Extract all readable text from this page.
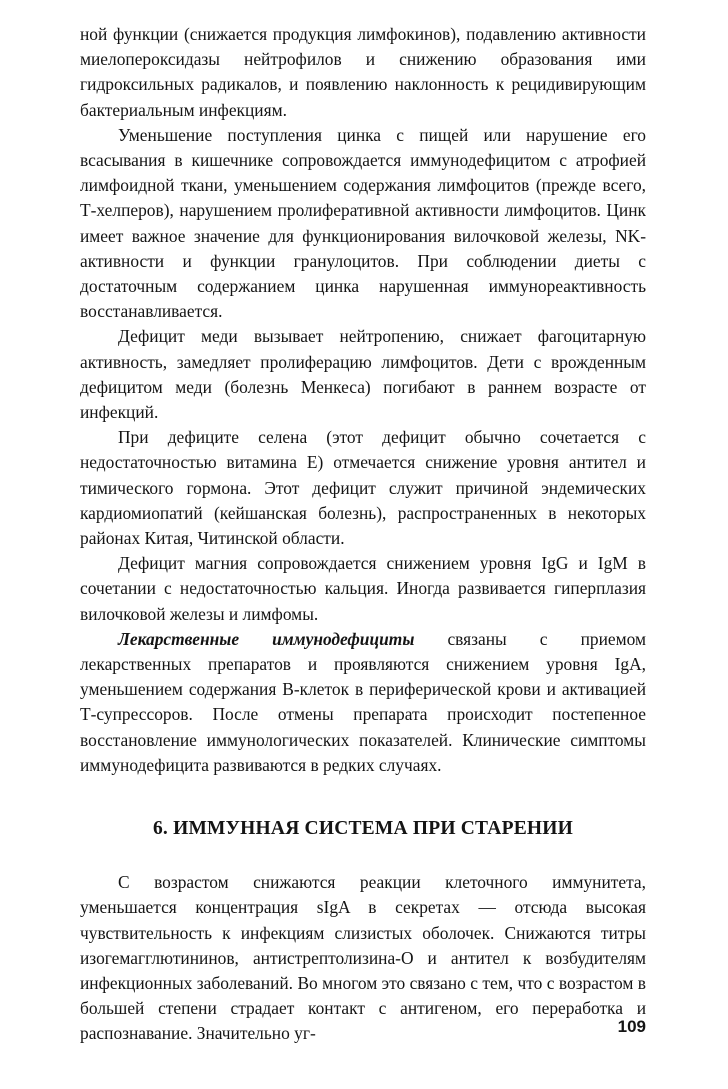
ной функции (снижается продукция лимфокинов), подавлению активности миелопероксидазы нейтрофилов и снижению образования ими гидроксильных радикалов, и появлению наклонность к рецидивирующим бактериальным инфекциям.

Уменьшение поступления цинка с пищей или нарушение его всасывания в кишечнике сопровождается иммунодефицитом с атрофией лимфоидной ткани, уменьшением содержания лимфоцитов (прежде всего, Т-хелперов), нарушением пролиферативной активности лимфоцитов. Цинк имеет важное значение для функционирования вилочковой железы, NK-активности и функции гранулоцитов. При соблюдении диеты с достаточным содержанием цинка нарушенная иммунореактивность восстанавливается.

Дефицит меди вызывает нейтропению, снижает фагоцитарную активность, замедляет пролиферацию лимфоцитов. Дети с врожденным дефицитом меди (болезнь Менкеса) погибают в раннем возрасте от инфекций.

При дефиците селена (этот дефицит обычно сочетается с недостаточностью витамина Е) отмечается снижение уровня антител и тимического гормона. Этот дефицит служит причиной эндемических кардиомиопатий (кейшанская болезнь), распространенных в некоторых районах Китая, Читинской области.

Дефицит магния сопровождается снижением уровня IgG и IgM в сочетании с недостаточностью кальция. Иногда развивается гиперплазия вилочковой железы и лимфомы.

Лекарственные иммунодефициты связаны с приемом лекарственных препаратов и проявляются снижением уровня IgA, уменьшением содержания В-клеток в периферической крови и активацией Т-супрессоров. После отмены препарата происходит постепенное восстановление иммунологических показателей. Клинические симптомы иммунодефицита развиваются в редких случаях.

6. ИММУННАЯ СИСТЕМА ПРИ СТАРЕНИИ

С возрастом снижаются реакции клеточного иммунитета, уменьшается концентрация sIgA в секретах — отсюда высокая чувствительность к инфекциям слизистых оболочек. Снижаются титры изогемагглютининов, антистрептолизина-О и антител к возбудителям инфекционных заболеваний. Во многом это связано с тем, что с возрастом в большей степени страдает контакт с антигеном, его переработка и распознавание. Значительно уг-	109
